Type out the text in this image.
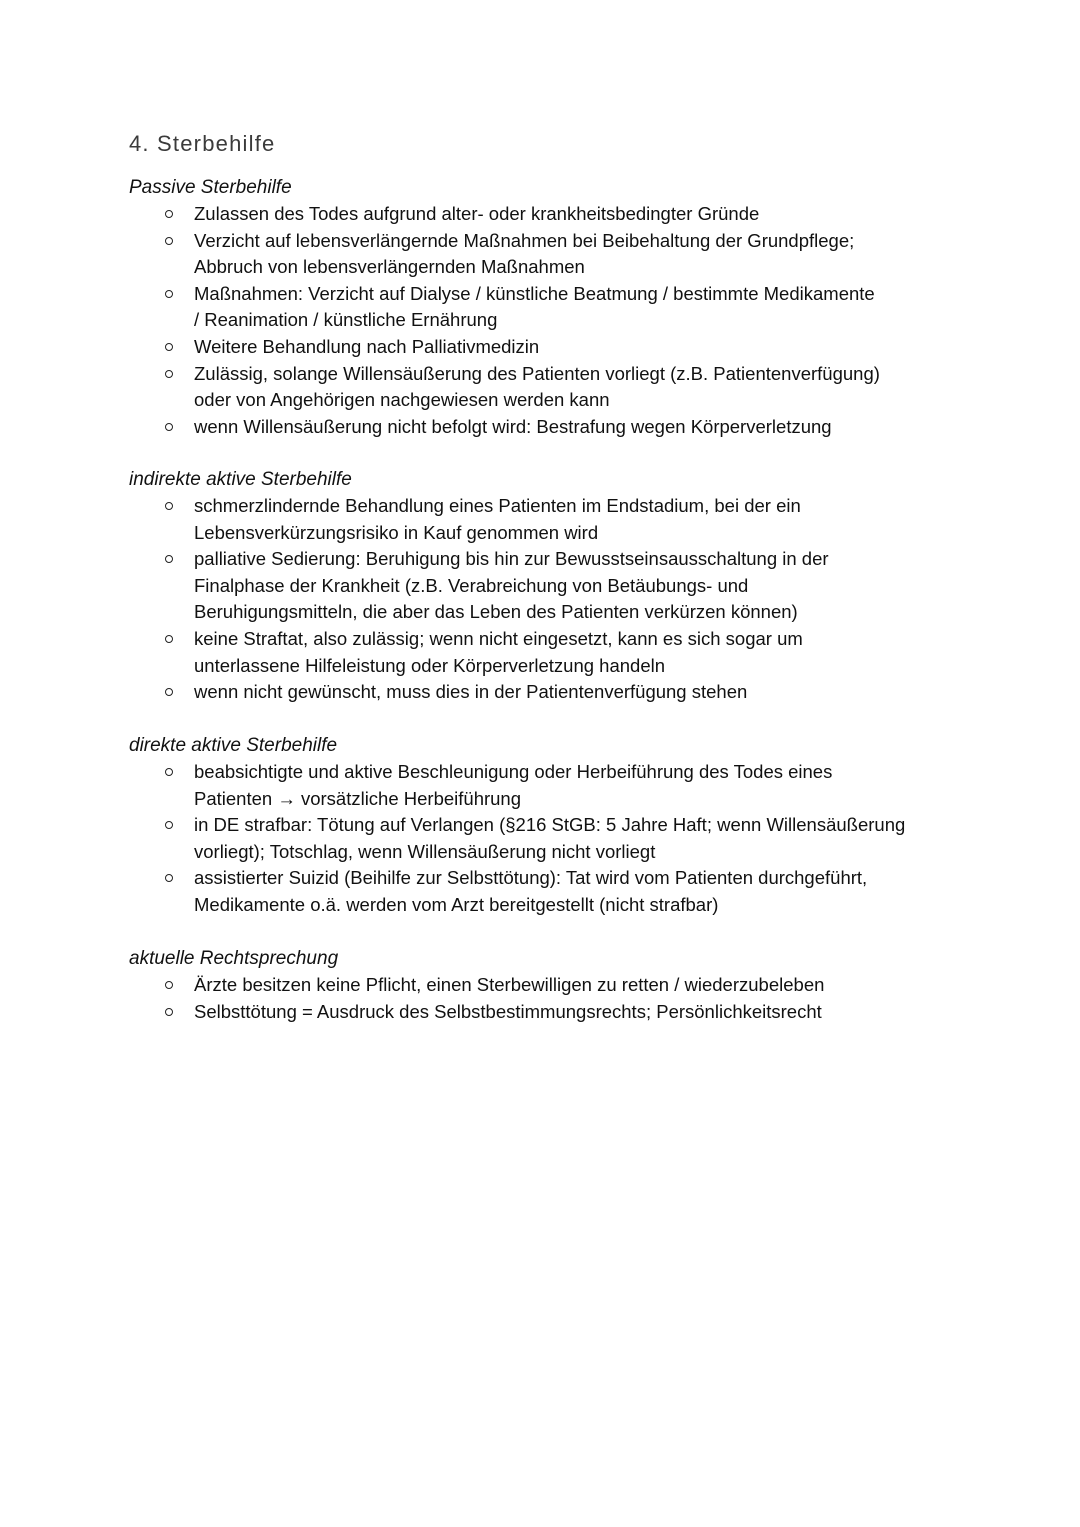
4. Sterbehilfe

Passive Sterbehilfe

Zulassen des Todes aufgrund alter- oder krankheitsbedingter Gründe
Verzicht auf lebensverlängernde Maßnahmen bei Beibehaltung der Grundpflege;
Abbruch von lebensverlängernden Maßnahmen
Maßnahmen: Verzicht auf Dialyse / künstliche Beatmung / bestimmte Medikamente
/ Reanimation / künstliche Ernährung
Weitere Behandlung nach Palliativmedizin
Zulässig, solange Willensäußerung des Patienten vorliegt (z.B. Patientenverfügung)
oder von Angehörigen nachgewiesen werden kann
wenn Willensäußerung nicht befolgt wird: Bestrafung wegen Körperverletzung

indirekte aktive Sterbehilfe

schmerzlindernde Behandlung eines Patienten im Endstadium, bei der ein
Lebensverkürzungsrisiko in Kauf genommen wird
palliative Sedierung: Beruhigung bis hin zur Bewusstseinsausschaltung in der
Finalphase der Krankheit (z.B. Verabreichung von Betäubungs- und
Beruhigungsmitteln, die aber das Leben des Patienten verkürzen können)
keine Straftat, also zulässig; wenn nicht eingesetzt, kann es sich sogar um
unterlassene Hilfeleistung oder Körperverletzung handeln
wenn nicht gewünscht, muss dies in der Patientenverfügung stehen

direkte aktive Sterbehilfe

beabsichtigte und aktive Beschleunigung oder Herbeiführung des Todes eines
Patienten → vorsätzliche Herbeiführung
in DE strafbar: Tötung auf Verlangen (§216 StGB: 5 Jahre Haft; wenn Willensäußerung
vorliegt); Totschlag, wenn Willensäußerung nicht vorliegt
assistierter Suizid (Beihilfe zur Selbsttötung): Tat wird vom Patienten durchgeführt,
Medikamente o.ä. werden vom Arzt bereitgestellt (nicht strafbar)

aktuelle Rechtsprechung

Ärzte besitzen keine Pflicht, einen Sterbewilligen zu retten / wiederzubeleben
Selbsttötung = Ausdruck des Selbstbestimmungsrechts; Persönlichkeitsrecht
